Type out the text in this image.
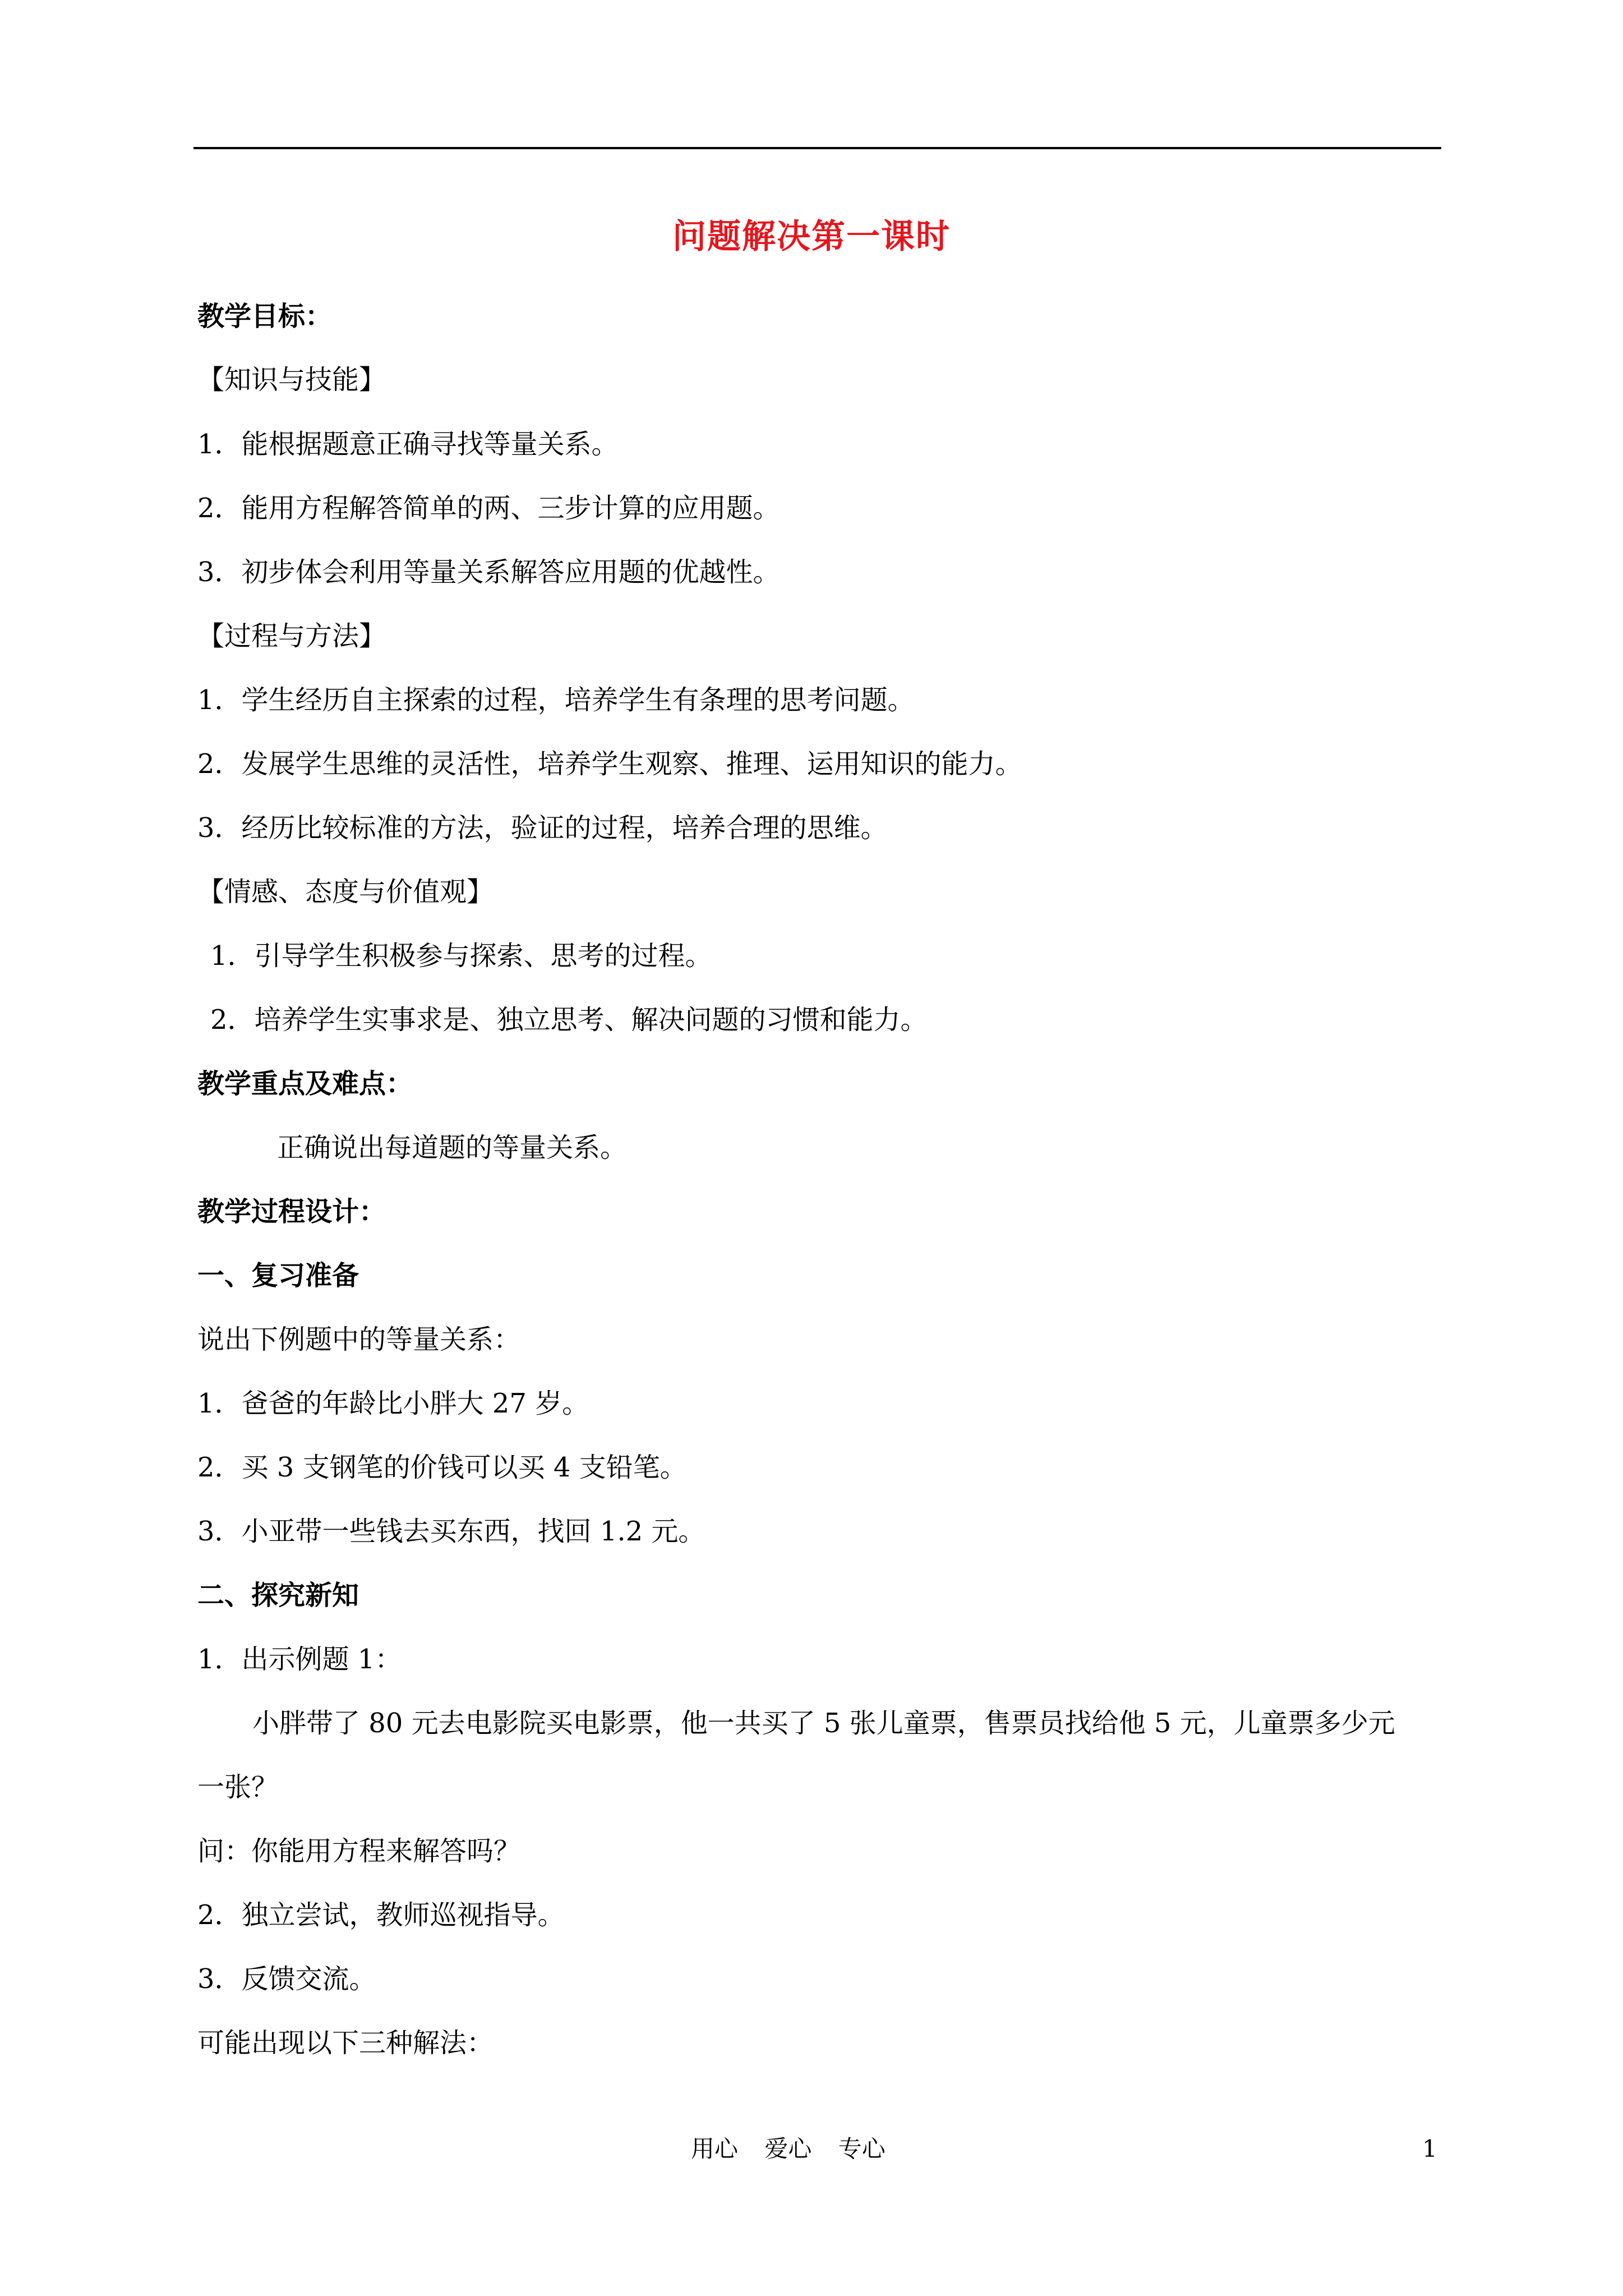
问题解决第一课时
教学目标：
【知识与技能】
1．能根据题意正确寻找等量关系。
2．能用方程解答简单的两、三步计算的应用题。
3．初步体会利用等量关系解答应用题的优越性。
【过程与方法】
1．学生经历自主探索的过程，培养学生有条理的思考问题。
2．发展学生思维的灵活性，培养学生观察、推理、运用知识的能力。
3．经历比较标准的方法，验证的过程，培养合理的思维。
【情感、态度与价值观】
1．引导学生积极参与探索、思考的过程。
2．培养学生实事求是、独立思考、解决问题的习惯和能力。
教学重点及难点：
正确说出每道题的等量关系。
教学过程设计：
一、复习准备
说出下例题中的等量关系：
1．爸爸的年龄比小胖大 27 岁。
2．买 3 支钢笔的价钱可以买 4 支铅笔。
3．小亚带一些钱去买东西，找回 1.2 元。
二、探究新知
1．出示例题 1：
小胖带了 80 元去电影院买电影票，他一共买了 5 张儿童票，售票员找给他 5 元，儿童票多少元
一张？
问：你能用方程来解答吗？
2．独立尝试，教师巡视指导。
3．反馈交流。
可能出现以下三种解法：
用心 爱心 专心	1
